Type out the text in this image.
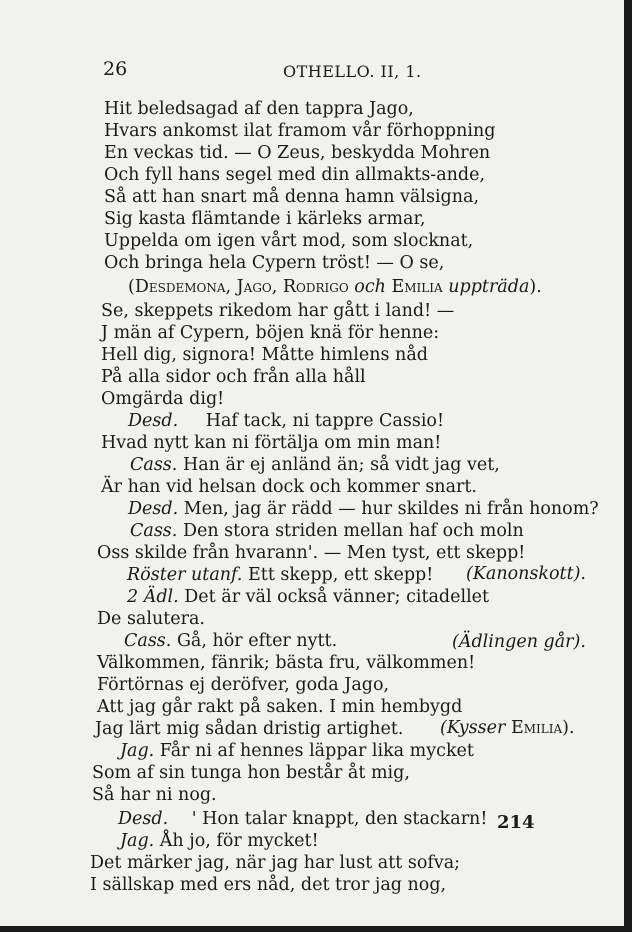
26	OTHELLO. II, 1.
Hit beledsagad af den tappra Jago,
Hvars ankomst ilat framom vår förhoppning
En veckas tid. — O Zeus, beskydda Mohren
Och fyll hans segel med din allmakts-ande,
Så att han snart må denna hamn välsigna,
Sig kasta flämtande i kärleks armar,
Uppelda om igen vårt mod, som slocknat,
Och bringa hela Cypern tröst! — O se,
(Desdemona, Jago, Rodrigo och Emilia uppträda).
Se, skeppets rikedom har gått i land! —
J män af Cypern, böjen knä för henne:
Hell dig, signora! Måtte himlens nåd
På alla sidor och från alla håll
Omgärda dig!
Desd. Haf tack, ni tappre Cassio!
Hvad nytt kan ni förtälja om min man!
Cass. Han är ej anländ än; så vidt jag vet,
Är han vid helsan dock och kommer snart.
Desd. Men, jag är rädd — hur skildes ni från honom?
Cass. Den stora striden mellan haf och moln
Oss skilde från hvarann'. — Men tyst, ett skepp!
Röster utanf. Ett skepp, ett skepp! (Kanonskott).
2 Ädl. Det är väl också vänner; citadellet
De salutera.
Cass. Gå, hör efter nytt.	(Ädlingen går).
Välkommen, fänrik; bästa fru, välkommen!
Förtörnas ej deröfver, goda Jago,
Att jag går rakt på saken. I min hembygd
Jag lärt mig sådan dristig artighet. (Kysser Emilia).
Jag. Får ni af hennes läppar lika mycket
Som af sin tunga hon består åt mig,
Så har ni nog.
Desd. ' Hon talar knappt, den stackarn!
Jag. Åh jo, för mycket!
Det märker jag, när jag har lust att sofva;
I sällskap med ers nåd, det tror jag nog,
214
